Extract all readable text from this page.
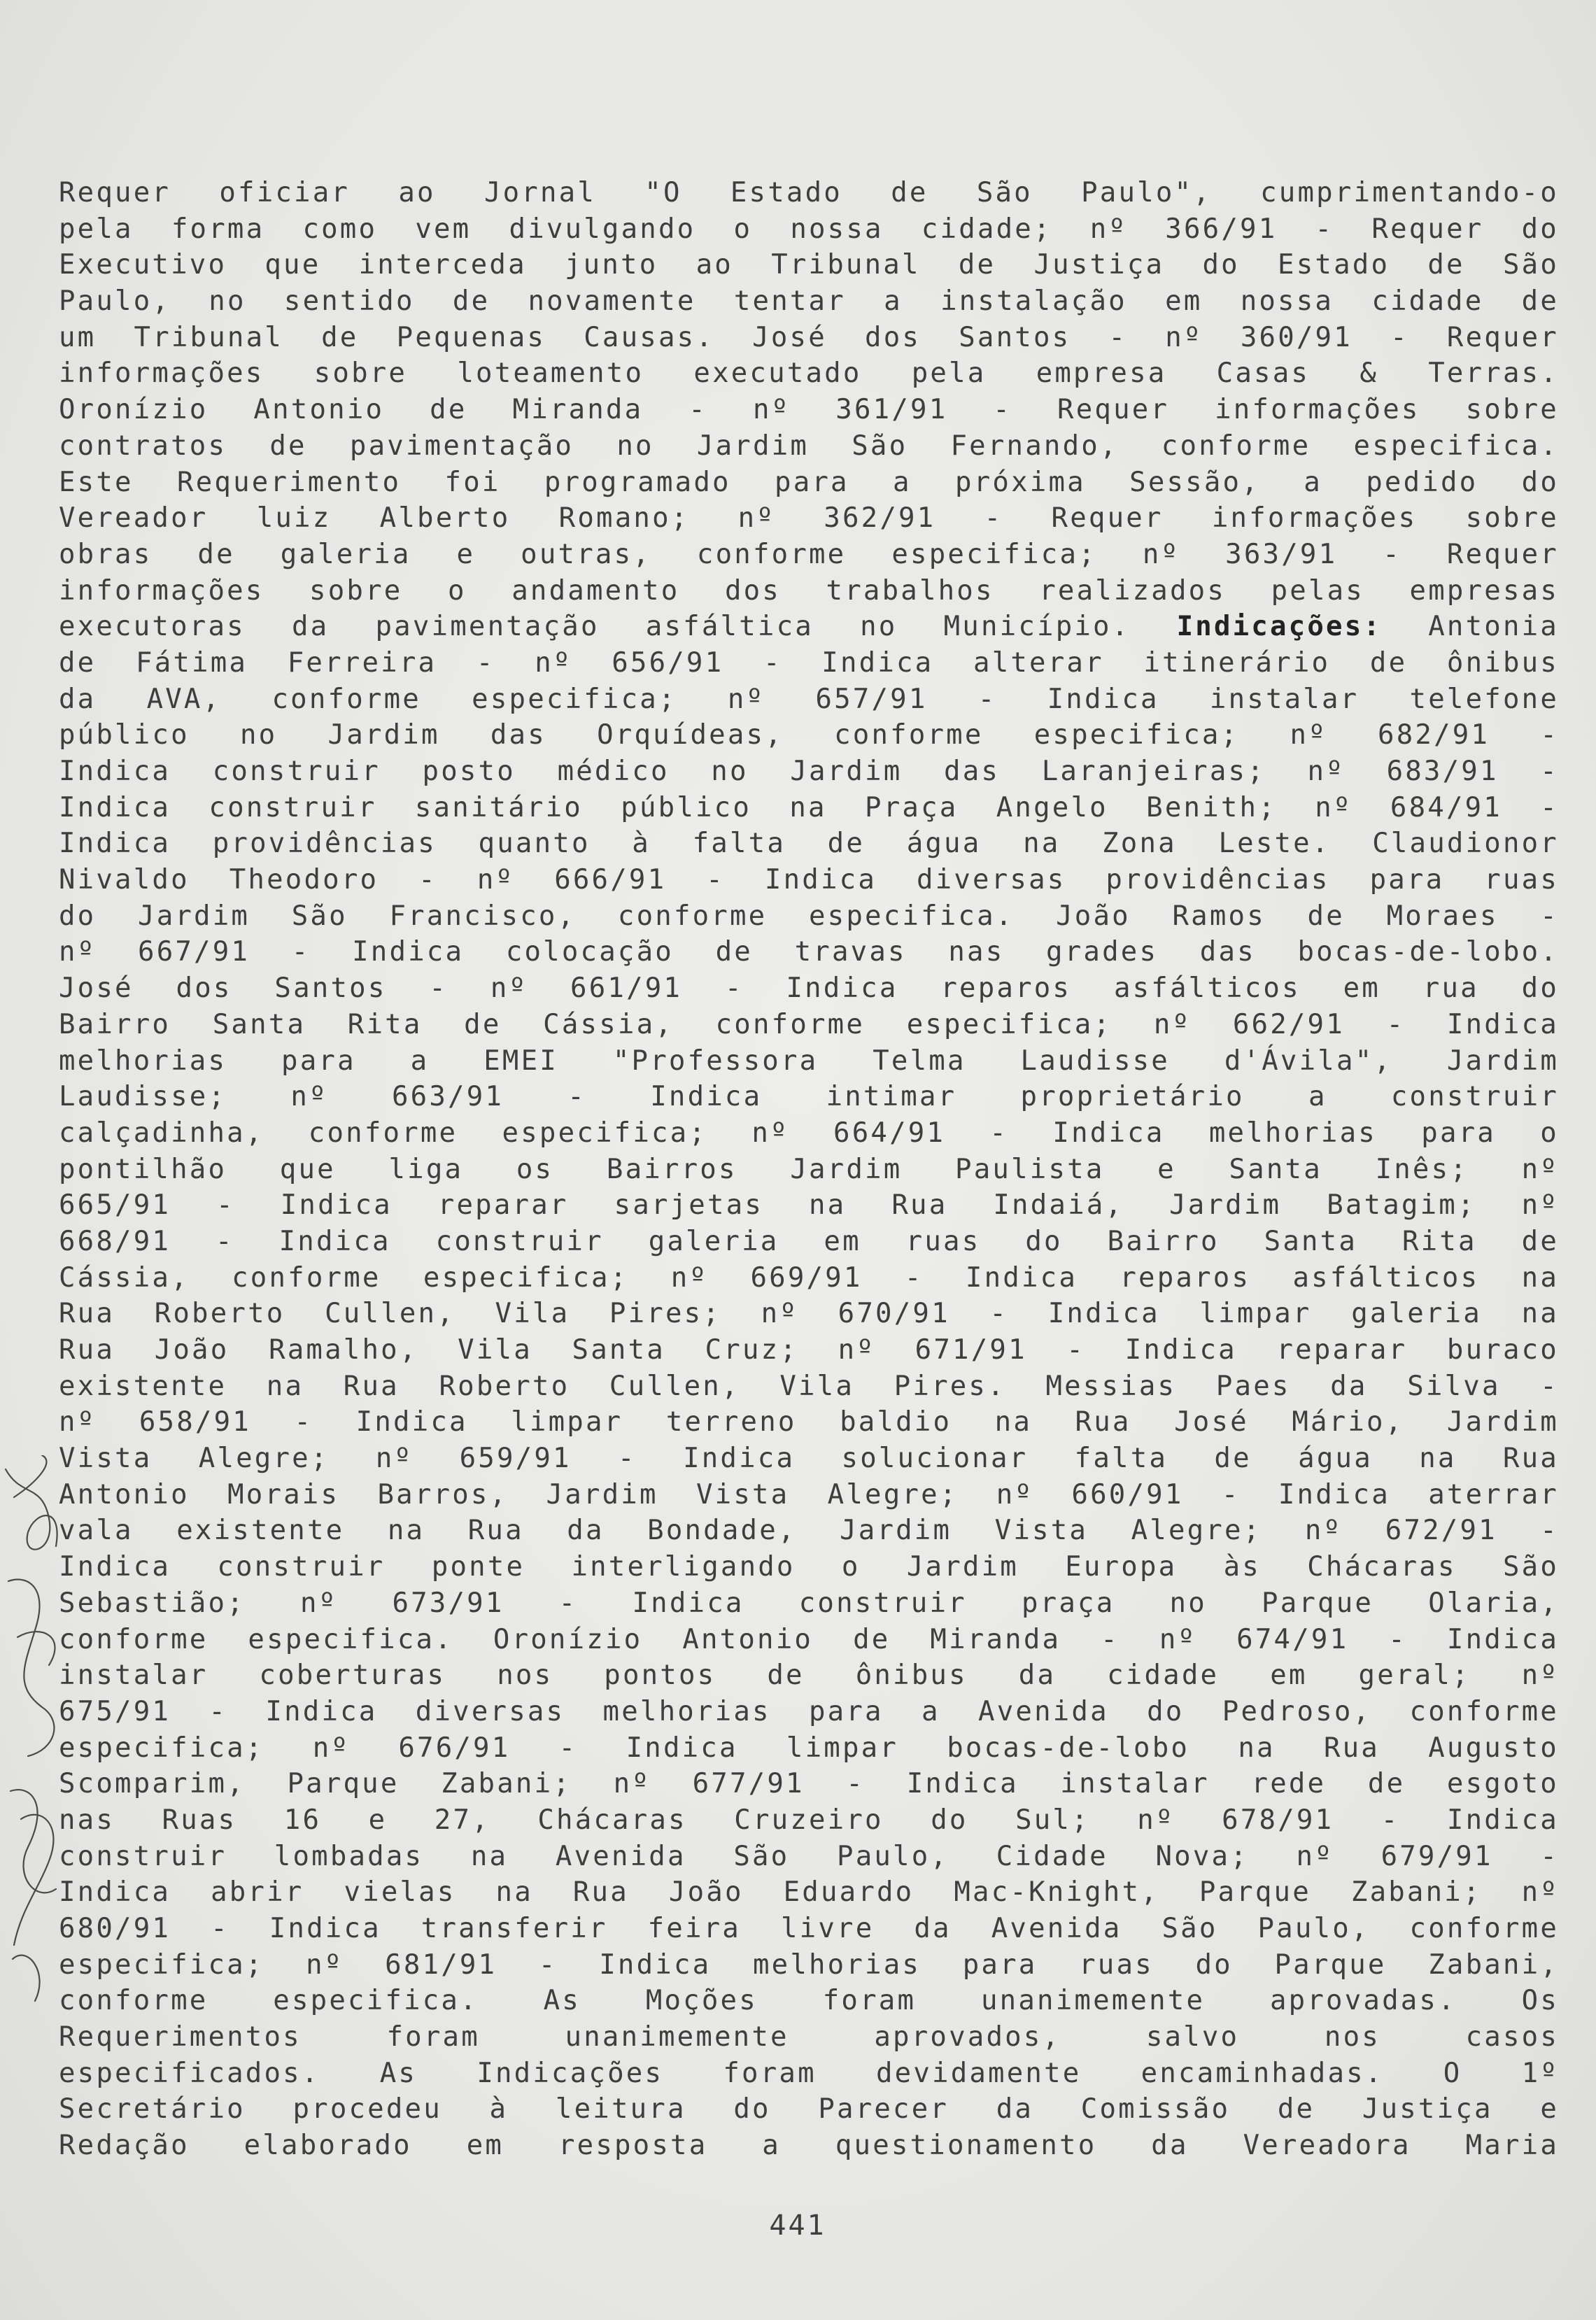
Requer oficiar ao Jornal "O Estado de São Paulo", cumprimentando-o
pela forma como vem divulgando o nossa cidade; nº 366/91 - Requer do
Executivo que interceda junto ao Tribunal de Justiça do Estado de São
Paulo, no sentido de novamente tentar a instalação em nossa cidade de
um Tribunal de Pequenas Causas. José dos Santos - nº 360/91 - Requer
informações sobre loteamento executado pela empresa Casas & Terras.
Oronízio Antonio de Miranda - nº 361/91 - Requer informações sobre
contratos de pavimentação no Jardim São Fernando, conforme especifica.
Este Requerimento foi programado para a próxima Sessão, a pedido do
Vereador luiz Alberto Romano; nº 362/91 - Requer informações sobre
obras de galeria e outras, conforme especifica; nº 363/91 - Requer
informações sobre o andamento dos trabalhos realizados pelas empresas
executoras da pavimentação asfáltica no Município. Indicações: Antonia
de Fátima Ferreira - nº 656/91 - Indica alterar itinerário de ônibus
da AVA, conforme especifica; nº 657/91 - Indica instalar telefone
público no Jardim das Orquídeas, conforme especifica; nº 682/91 -
Indica construir posto médico no Jardim das Laranjeiras; nº 683/91 -
Indica construir sanitário público na Praça Angelo Benith; nº 684/91 -
Indica providências quanto à falta de água na Zona Leste. Claudionor
Nivaldo Theodoro - nº 666/91 - Indica diversas providências para ruas
do Jardim São Francisco, conforme especifica. João Ramos de Moraes -
nº 667/91 - Indica colocação de travas nas grades das bocas-de-lobo.
José dos Santos - nº 661/91 - Indica reparos asfálticos em rua do
Bairro Santa Rita de Cássia, conforme especifica; nº 662/91 - Indica
melhorias para a EMEI "Professora Telma Laudisse d'Ávila", Jardim
Laudisse; nº 663/91 - Indica intimar proprietário a construir
calçadinha, conforme especifica; nº 664/91 - Indica melhorias para o
pontilhão que liga os Bairros Jardim Paulista e Santa Inês; nº
665/91 - Indica reparar sarjetas na Rua Indaiá, Jardim Batagim; nº
668/91 - Indica construir galeria em ruas do Bairro Santa Rita de
Cássia, conforme especifica; nº 669/91 - Indica reparos asfálticos na
Rua Roberto Cullen, Vila Pires; nº 670/91 - Indica limpar galeria na
Rua João Ramalho, Vila Santa Cruz; nº 671/91 - Indica reparar buraco
existente na Rua Roberto Cullen, Vila Pires. Messias Paes da Silva -
nº 658/91 - Indica limpar terreno baldio na Rua José Mário, Jardim
Vista Alegre; nº 659/91 - Indica solucionar falta de água na Rua
Antonio Morais Barros, Jardim Vista Alegre; nº 660/91 - Indica aterrar
vala existente na Rua da Bondade, Jardim Vista Alegre; nº 672/91 -
Indica construir ponte interligando o Jardim Europa às Chácaras São
Sebastião; nº 673/91 - Indica construir praça no Parque Olaria,
conforme especifica. Oronízio Antonio de Miranda - nº 674/91 - Indica
instalar coberturas nos pontos de ônibus da cidade em geral; nº
675/91 - Indica diversas melhorias para a Avenida do Pedroso, conforme
especifica; nº 676/91 - Indica limpar bocas-de-lobo na Rua Augusto
Scomparim, Parque Zabani; nº 677/91 - Indica instalar rede de esgoto
nas Ruas 16 e 27, Chácaras Cruzeiro do Sul; nº 678/91 - Indica
construir lombadas na Avenida São Paulo, Cidade Nova; nº 679/91 -
Indica abrir vielas na Rua João Eduardo Mac-Knight, Parque Zabani; nº
680/91 - Indica transferir feira livre da Avenida São Paulo, conforme
especifica; nº 681/91 - Indica melhorias para ruas do Parque Zabani,
conforme especifica. As Moções foram unanimemente aprovadas. Os
Requerimentos foram unanimemente aprovados, salvo nos casos
especificados. As Indicações foram devidamente encaminhadas. O 1º
Secretário procedeu à leitura do Parecer da Comissão de Justiça e
Redação elaborado em resposta a questionamento da Vereadora Maria
441
